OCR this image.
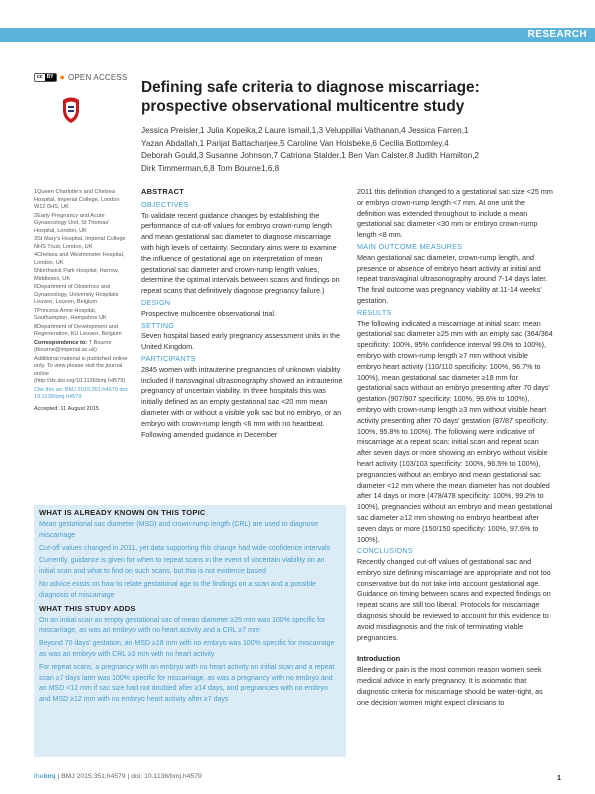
RESEARCH
cc BY ● OPEN ACCESS
Defining safe criteria to diagnose miscarriage: prospective observational multicentre study
Jessica Preisler,1 Julia Kopeika,2 Laure Ismail,1,3 Veluppillai Vathanan,4 Jessica Farren,1
Yazan Abdallah,1 Parijat Battacharjee,5 Caroline Van Holsbeke,6 Cecilia Bottomley,4
Deborah Gould,3 Susanne Johnson,7 Catriona Stalder,1 Ben Van Calster,8 Judith Hamilton,2
Dirk Timmerman,6,8 Tom Bourne1,6,8

1Queen Charlotte's and Chelsea Hospital, Imperial College, London W12 0HS, UK

2Early Pregnancy and Acute Gynaecology Unit, St Thomas' Hospital, London, UK

3St Mary's Hospital, Imperial College NHS Trust, London, UK

4Chelsea and Westminster Hospital, London, UK

5Northwick Park Hospital, Harrow, Middlesex, UK

6Department of Obstetrics and Gynaecology, University Hospitals Leuven, Leuven, Belgium

7Princess Anne Hospital, Southampton, Hampshire UK

8Department of Development and Regeneration, KU Leuven, Belgium

Correspondence to: T Bourne (tbourne@imperial.ac.uk)

Additional material is published online only. To view please visit the journal online (http://dx.doi.org/10.1136/bmj.h4579)

Cite this as: BMJ 2015;351:h4579 doi: 10.1136/bmj.h4579

Accepted: 11 August 2015

ABSTRACT
OBJECTIVES

To validate recent guidance changes by establishing the performance of cut-off values for embryo crown-rump length and mean gestational sac diameter to diagnose miscarriage with high levels of certainty. Secondary aims were to examine the influence of gestational age on interpretation of mean gestational sac diameter and crown-rump length values, determine the optimal intervals between scans and findings on repeat scans that definitively diagnose pregnancy failure.)

DESIGN

Prospective multicentre observational trial.

SETTING

Seven hospital based early pregnancy assessment units in the United Kingdom.

PARTICIPANTS

2845 women with intrauterine pregnancies of unknown viability included if transvaginal ultrasonography showed an intrauterine pregnancy of uncertain viability. In three hospitals this was initially defined as an empty gestational sac <20 mm mean diameter with or without a visible yolk sac but no embryo, or an embryo with crown-rump length <6 mm with no heartbeat. Following amended guidance in December

2011 this definition changed to a gestational sac size <25 mm or embryo crown-rump length <7 mm. At one unit the definition was extended throughout to include a mean gestational sac diameter <30 mm or embryo crown-rump length <8 mm.

MAIN OUTCOME MEASURES

Mean gestational sac diameter, crown-rump length, and presence or absence of embryo heart activity at initial and repeat transvaginal ultrasonography around 7-14 days later. The final outcome was pregnancy viability at 11-14 weeks' gestation.

RESULTS

The following indicated a miscarriage at initial scan: mean gestational sac diameter ≥25 mm with an empty sac (364/364 specificity: 100%, 95% confidence interval 99.0% to 100%), embryo with crown-rump length ≥7 mm without visible embryo heart activity (110/110 specificity: 100%, 96.7% to 100%), mean gestational sac diameter ≥18 mm for gestational sacs without an embryo presenting after 70 days' gestation (907/907 specificity: 100%, 99.6% to 100%), embryo with crown-rump length ≥3 mm without visible heart activity presenting after 70 days' gestation (87/87 specificity: 100%, 95.8% to 100%). The following were indicative of miscarriage at a repeat scan: initial scan and repeat scan after seven days or more showing an embryo without visible heart activity (103/103 specificity: 100%, 96.5% to 100%), pregnancies without an embryo and mean gestational sac diameter <12 mm where the mean diameter has not doubled after 14 days or more (478/478 specificity: 100%, 99.2% to 100%), pregnancies without an embryo and mean gestational sac diameter ≥12 mm showing no embryo heartbeat after seven days or more (150/150 specificity: 100%, 97.6% to 100%).

CONCLUSIONS

Recently changed cut-off values of gestational sac and embryo size defining miscarriage are appropriate and not too conservative but do not take into account gestational age. Guidance on timing between scans and expected findings on repeat scans are still too liberal. Protocols for miscarriage diagnosis should be reviewed to account for this evidence to avoid misdiagnosis and the risk of terminating viable pregnancies.

Introduction

Bleeding or pain is the most common reason women seek medical advice in early pregnancy. It is axiomatic that diagnostic criteria for miscarriage should be water-tight, as one decision women might expect clinicians to

WHAT IS ALREADY KNOWN ON THIS TOPIC

Mean gestational sac diameter (MSD) and crown-rump length (CRL) are used to diagnose miscarriage

Cut-off values changed in 2011, yet data supporting this change had wide confidence intervals

Currently, guidance is given for when to repeat scans in the event of uncertain viability on an initial scan and what to find on such scans, but this is not evidence based

No advice exists on how to relate gestational age to the findings on a scan and a possible diagnosis of miscarriage

WHAT THIS STUDY ADDS

On an initial scan an empty gestational sac of mean diameter ≥25 mm was 100% specific for miscarriage, as was an embryo with no heart activity and a CRL ≥7 mm

Beyond 70 days' gestation, an MSD ≥18 mm with no embryo was 100% specific for miscarriage as was an embryo with CRL ≥3 mm with no heart activity

For repeat scans, a pregnancy with an embryo with no heart activity on initial scan and a repeat scan ≥7 days later was 100% specific for miscarriage, as was a pregnancy with no embryo and an MSD <12 mm if sac size had not doubled after ≥14 days, and pregnancies with no embryo and MSD ≥12 mm with no embryo heart activity after ≥7 days

thebmj | BMJ 2015;351:h4579 | doi: 10.1136/bmj.h4579	1
